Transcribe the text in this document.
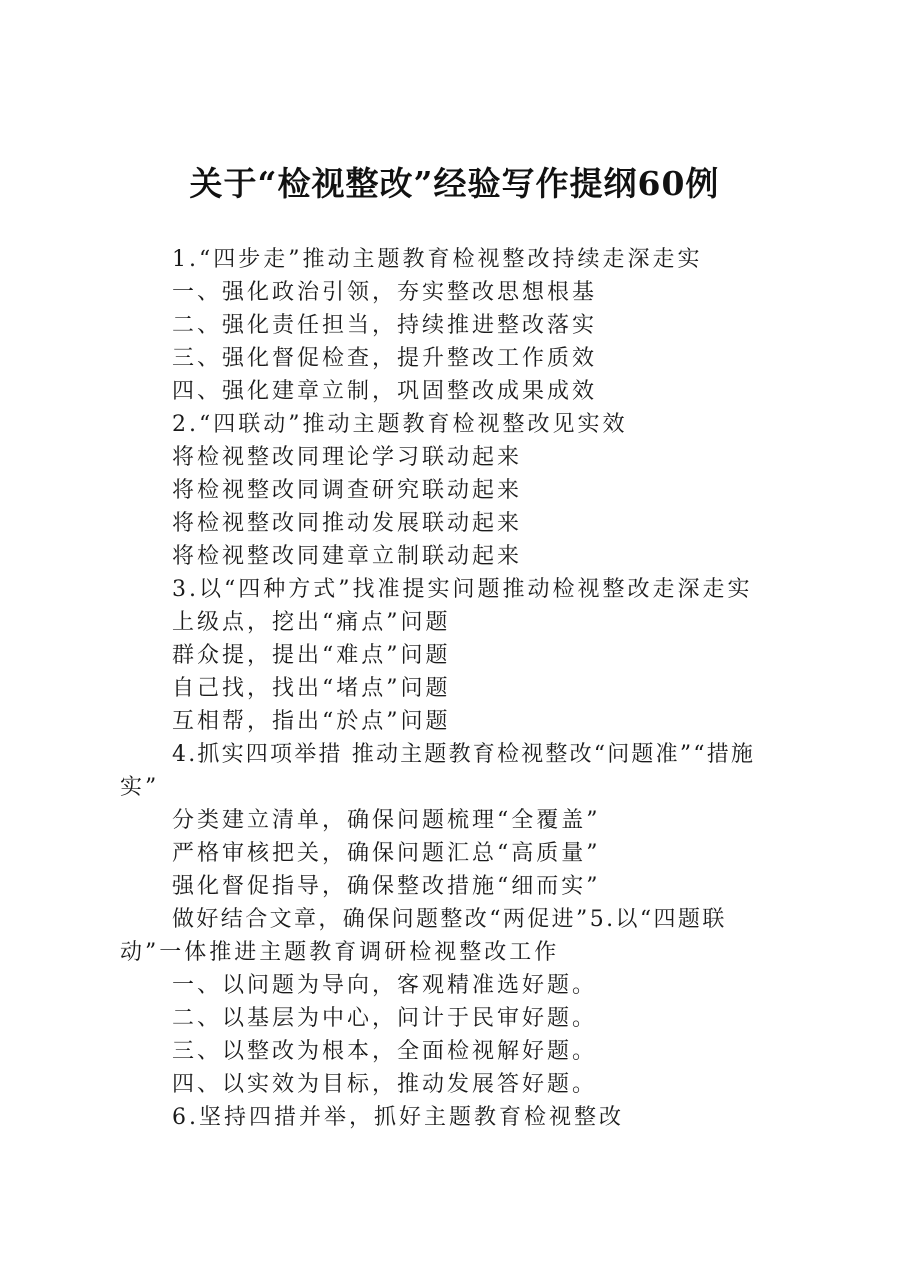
关于“检视整改”经验写作提纲60例
1.“四步走”推动主题教育检视整改持续走深走实
一、强化政治引领，夯实整改思想根基
二、强化责任担当，持续推进整改落实
三、强化督促检查，提升整改工作质效
四、强化建章立制，巩固整改成果成效
2.“四联动”推动主题教育检视整改见实效
将检视整改同理论学习联动起来
将检视整改同调查研究联动起来
将检视整改同推动发展联动起来
将检视整改同建章立制联动起来
3.以“四种方式”找准提实问题推动检视整改走深走实
上级点，挖出“痛点”问题
群众提，提出“难点”问题
自己找，找出“堵点”问题
互相帮，指出“於点”问题
4.抓实四项举措 推动主题教育检视整改“问题准”“措施
实”
分类建立清单，确保问题梳理“全覆盖”
严格审核把关，确保问题汇总“高质量”
强化督促指导，确保整改措施“细而实”
做好结合文章，确保问题整改“两促进”5.以“四题联
动”一体推进主题教育调研检视整改工作
一、以问题为导向，客观精准选好题。
二、以基层为中心，问计于民审好题。
三、以整改为根本，全面检视解好题。
四、以实效为目标，推动发展答好题。
6.坚持四措并举，抓好主题教育检视整改
